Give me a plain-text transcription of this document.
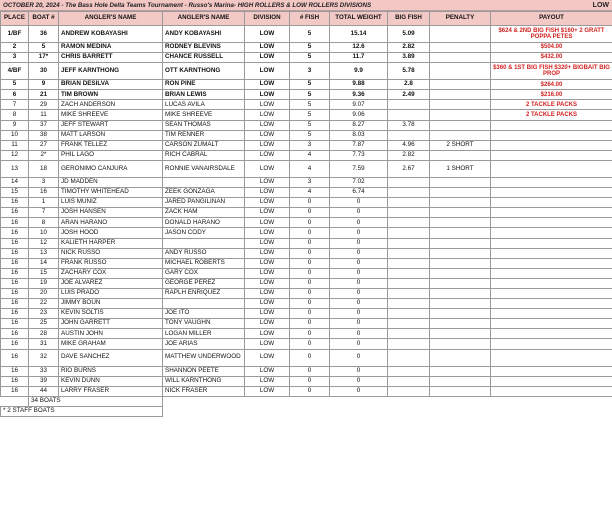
OCTOBER 20, 2024 - The Bass Hole Delta Teams Tournament - Russo's Marina- HIGH ROLLERS & LOW ROLLERS DIVISIONS	LOW
PLACE	BOAT #	ANGLER'S NAME	ANGLER'S NAME	DIVISION	# FISH	TOTAL WEIGHT	BIG FISH	PENALTY	PAYOUT
1/BF	36	ANDREW KOBAYASHI	ANDY KOBAYASHI	LOW	5	15.14	5.09		$624 & 2ND BIG FISH $160+ 2 GRATT POPPA PETES
2	5	RAMON MEDINA	RODNEY BLEVINS	LOW	5	12.6	2.82		$504.00
3	17*	CHRIS BARRETT	CHANCE RUSSELL	LOW	5	11.7	3.89		$432.00
4/BF	30	JEFF KARNTHONG	OTT KARNTHONG	LOW	3	9.9	5.78		$360 & 1ST BIG FISH $320+ BIGBAIT BIG PROP
5	9	BRIAN DESILVA	RON PINE	LOW	5	9.88	2.8		$264.00
6	21	TIM BROWN	BRIAN LEWIS	LOW	5	9.36	2.49		$216.00
7	29	ZACH ANDERSON	LUCAS AVILA	LOW	5	9.07			2 TACKLE PACKS
8	11	MIKE SHREEVE	MIKE SHREEVE	LOW	5	9.06			2 TACKLE PACKS
9	37	JEFF STEWART	SEAN THOMAS	LOW	5	8.27	3.78		
10	38	MATT LARSON	TIM RENNER	LOW	5	8.03			
11	27	FRANK TELLEZ	CARSON ZUMALT	LOW	3	7.87	4.96	2 SHORT	
12	2*	PHIL LAGO	RICH CABRAL	LOW	4	7.73	2.82		
13	18	GERONIMO CANJURA	RONNIE VANAIRSDALE	LOW	4	7.59	2.67	1 SHORT	
14	3	JD MADDEN		LOW	3	7.02			
15	16	TIMOTHY WHITEHEAD	ZEEK GONZAGA	LOW	4	6.74			
16	1	LUIS MUNIZ	JARED PANGILINAN	LOW	0	0			
16	7	JOSH HANSEN	ZACK HAM	LOW	0	0			
16	8	ARAN HARANO	DONALD HARANO	LOW	0	0			
16	10	JOSH HOOD	JASON CODY	LOW	0	0			
16	12	KALIETH HARPER		LOW	0	0			
16	13	NICK RUSSO	ANDY RUSSO	LOW	0	0			
16	14	FRANK RUSSO	MICHAEL ROBERTS	LOW	0	0			
16	15	ZACHARY COX	GARY COX	LOW	0	0			
16	19	JOE ALVAREZ	GEORGE PEREZ	LOW	0	0			
16	20	LUIS PRADO	RAPLH ENRIQUEZ	LOW	0	0			
16	22	JIMMY BOUN		LOW	0	0			
16	23	KEVIN SOLTIS	JOE ITO	LOW	0	0			
16	25	JOHN GARRETT	TONY VAUGHN	LOW	0	0			
16	28	AUSTIN JOHN	LOGAN MILLER	LOW	0	0			
16	31	MIKE GRAHAM	JOE ARIAS	LOW	0	0			
16	32	DAVE SANCHEZ	MATTHEW UNDERWOOD	LOW	0	0			
16	33	RIO BURNS	SHANNON PEETE	LOW	0	0			
16	39	KEVIN DUNN	WILL KARNTHONG	LOW	0	0			
16	44	LARRY FRASER	NICK FRASER	LOW	0	0			
	34 BOATS								
* 2 STAFF BOATS									
